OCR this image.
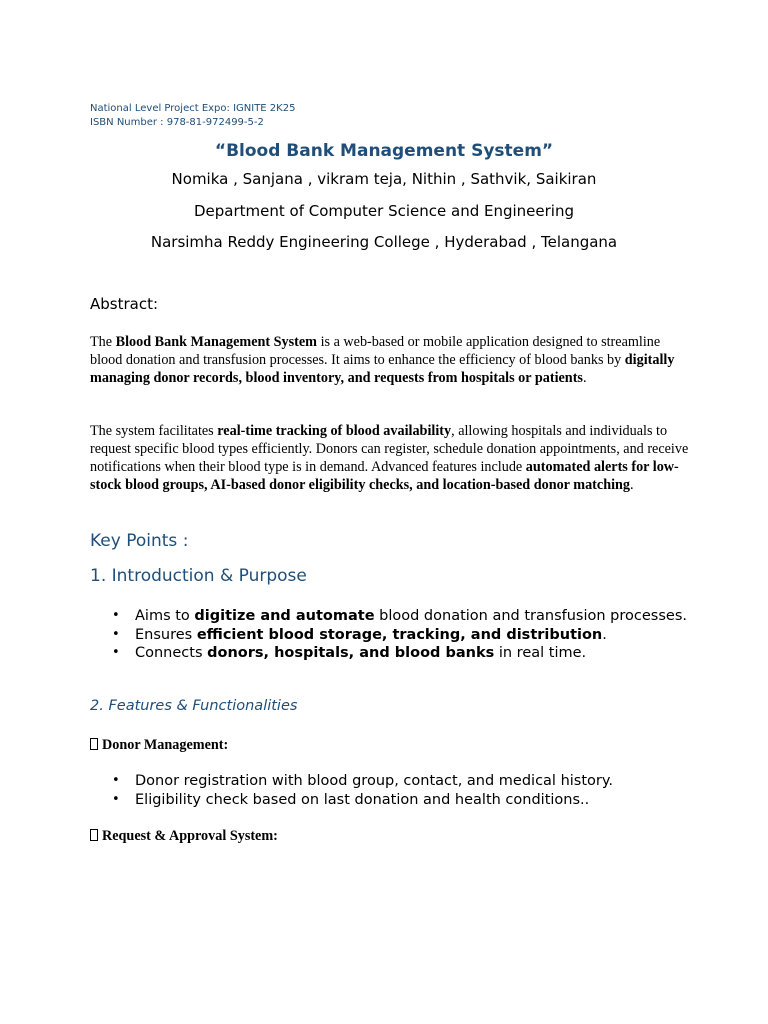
National Level Project Expo: IGNITE 2K25
ISBN Number : 978-81-972499-5-2
“Blood Bank Management System”
Nomika , Sanjana , vikram teja, Nithin , Sathvik, Saikiran
Department of Computer Science and Engineering
Narsimha Reddy Engineering College , Hyderabad , Telangana
Abstract:
The Blood Bank Management System is a web-based or mobile application designed to streamline blood donation and transfusion processes. It aims to enhance the efficiency of blood banks by digitally managing donor records, blood inventory, and requests from hospitals or patients.
The system facilitates real-time tracking of blood availability, allowing hospitals and individuals to request specific blood types efficiently. Donors can register, schedule donation appointments, and receive notifications when their blood type is in demand. Advanced features include automated alerts for low-stock blood groups, AI-based donor eligibility checks, and location-based donor matching.
Key Points :
1. Introduction & Purpose
• Aims to digitize and automate blood donation and transfusion processes.
• Ensures efficient blood storage, tracking, and distribution.
• Connects donors, hospitals, and blood banks in real time.
2. Features & Functionalities
Donor Management:
• Donor registration with blood group, contact, and medical history.
• Eligibility check based on last donation and health conditions..
Request & Approval System:
